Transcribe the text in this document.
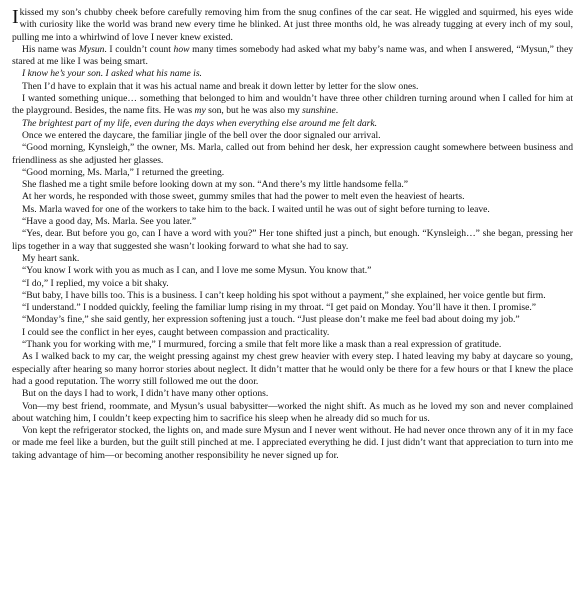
Ikissed my son’s chubby cheek before carefully removing him from the snug confines of the car seat. He wiggled and squirmed, his eyes wide with curiosity like the world was brand new every time he blinked. At just three months old, he was already tugging at every inch of my soul, pulling me into a whirlwind of love I never knew existed.

His name was Mysun. I couldn’t count how many times somebody had asked what my baby’s name was, and when I answered, “Mysun,” they stared at me like I was being smart.

I know he’s your son. I asked what his name is.

Then I’d have to explain that it was his actual name and break it down letter by letter for the slow ones.

I wanted something unique… something that belonged to him and wouldn’t have three other children turning around when I called for him at the playground. Besides, the name fits. He was my son, but he was also my sunshine.

The brightest part of my life, even during the days when everything else around me felt dark.

Once we entered the daycare, the familiar jingle of the bell over the door signaled our arrival.

“Good morning, Kynsleigh,” the owner, Ms. Marla, called out from behind her desk, her expression caught somewhere between business and friendliness as she adjusted her glasses.

“Good morning, Ms. Marla,” I returned the greeting.

She flashed me a tight smile before looking down at my son. “And there’s my little handsome fella.”

At her words, he responded with those sweet, gummy smiles that had the power to melt even the heaviest of hearts.

Ms. Marla waved for one of the workers to take him to the back. I waited until he was out of sight before turning to leave.

“Have a good day, Ms. Marla. See you later.”

“Yes, dear. But before you go, can I have a word with you?” Her tone shifted just a pinch, but enough. “Kynsleigh…” she began, pressing her lips together in a way that suggested she wasn’t looking forward to what she had to say.

My heart sank.

“You know I work with you as much as I can, and I love me some Mysun. You know that.”

“I do,” I replied, my voice a bit shaky.

“But baby, I have bills too. This is a business. I can’t keep holding his spot without a payment,” she explained, her voice gentle but firm.

“I understand.” I nodded quickly, feeling the familiar lump rising in my throat. “I get paid on Monday. You’ll have it then. I promise.”

“Monday’s fine,” she said gently, her expression softening just a touch. “Just please don’t make me feel bad about doing my job.”

I could see the conflict in her eyes, caught between compassion and practicality.

“Thank you for working with me,” I murmured, forcing a smile that felt more like a mask than a real expression of gratitude.

As I walked back to my car, the weight pressing against my chest grew heavier with every step. I hated leaving my baby at daycare so young, especially after hearing so many horror stories about neglect. It didn’t matter that he would only be there for a few hours or that I knew the place had a good reputation. The worry still followed me out the door.

But on the days I had to work, I didn’t have many other options.

Von—my best friend, roommate, and Mysun’s usual babysitter—worked the night shift. As much as he loved my son and never complained about watching him, I couldn’t keep expecting him to sacrifice his sleep when he already did so much for us.

Von kept the refrigerator stocked, the lights on, and made sure Mysun and I never went without. He had never once thrown any of it in my face or made me feel like a burden, but the guilt still pinched at me. I appreciated everything he did. I just didn’t want that appreciation to turn into me taking advantage of him—or becoming another responsibility he never signed up for.
